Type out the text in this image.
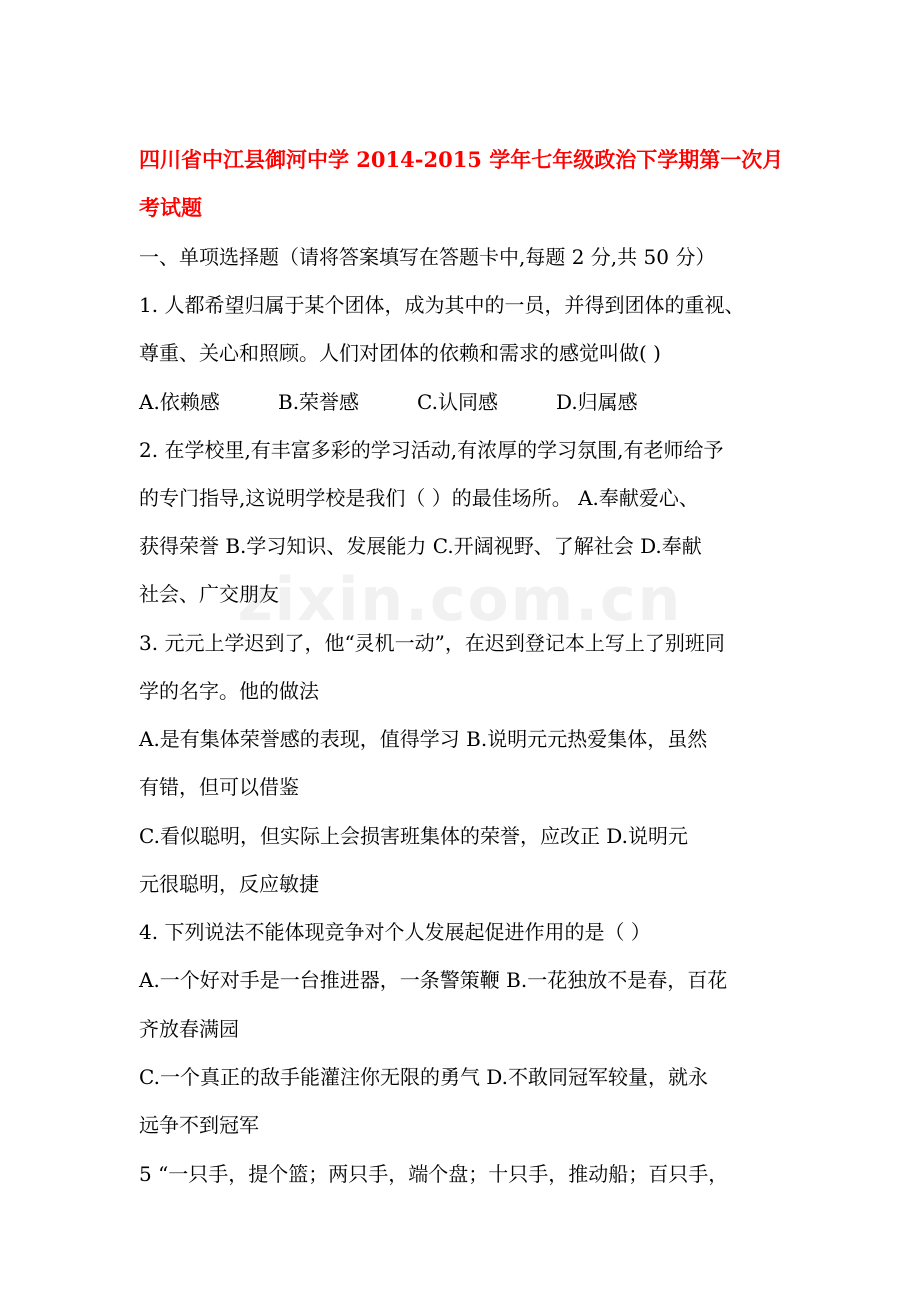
zixin.com.cn
四川省中江县御河中学 2014-2015 学年七年级政治下学期第一次月
考试题
一、单项选择题（请将答案填写在答题卡中,每题 2 分,共 50 分）
1. 人都希望归属于某个团体，成为其中的一员，并得到团体的重视、
尊重、关心和照顾。人们对团体的依赖和需求的感觉叫做( )
A.依赖感	B.荣誉感	C.认同感	D.归属感
2. 在学校里,有丰富多彩的学习活动,有浓厚的学习氛围,有老师给予
的专门指导,这说明学校是我们（ ）的最佳场所。 A.奉献爱心、
获得荣誉 B.学习知识、发展能力 C.开阔视野、了解社会 D.奉献
社会、广交朋友
3. 元元上学迟到了，他“灵机一动”，在迟到登记本上写上了别班同
学的名字。他的做法
A.是有集体荣誉感的表现，值得学习 B.说明元元热爱集体，虽然
有错，但可以借鉴
C.看似聪明，但实际上会损害班集体的荣誉，应改正 D.说明元
元很聪明，反应敏捷
4. 下列说法不能体现竞争对个人发展起促进作用的是（ ）
A.一个好对手是一台推进器，一条警策鞭 B.一花独放不是春，百花
齐放春满园
C.一个真正的敌手能灌注你无限的勇气 D.不敢同冠军较量，就永
远争不到冠军
5 “一只手，提个篮；两只手，端个盘；十只手，推动船；百只手，
